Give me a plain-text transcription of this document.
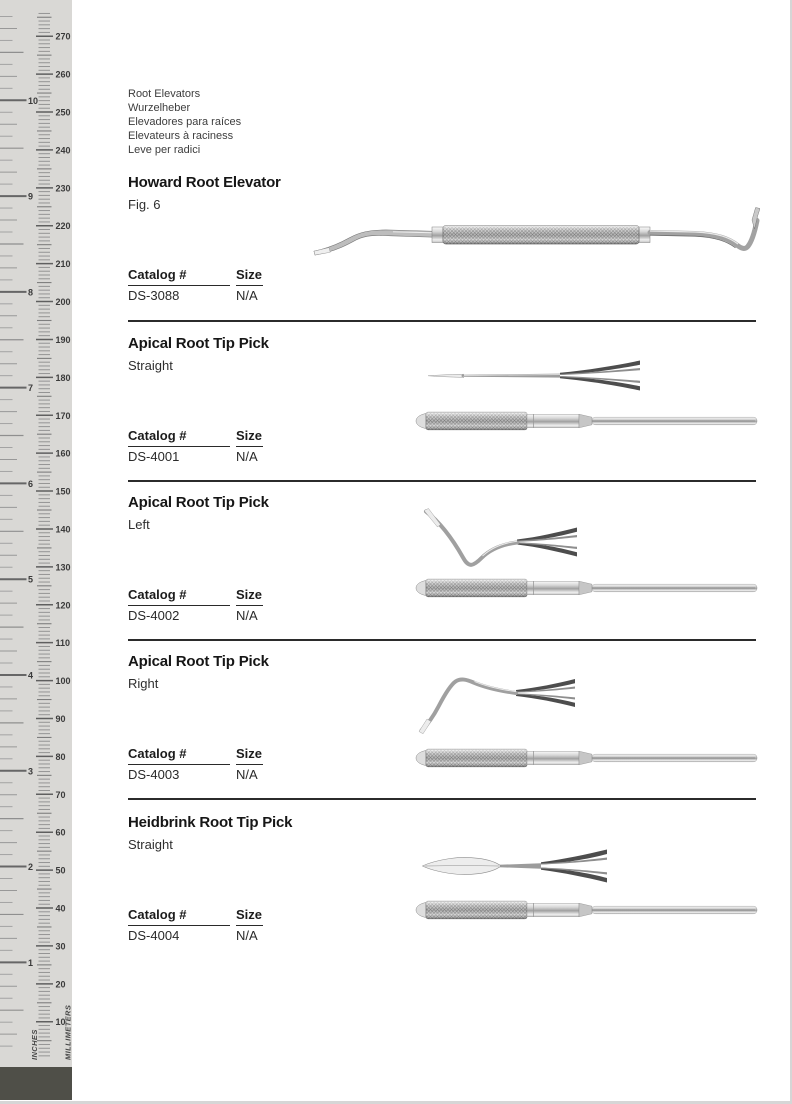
INCHES	MILLIMETERS
10
20
30
40
50
60
70
80
90
100
110
120
130
140
150
160
170
180
190
200
210
220
230
240
250
260
270
1
2
3
4
5
6
7
8
9
10
Root Elevators
Wurzelheber
Elevadores para raíces
Elevateurs à raciness
Leve per radici
Howard Root Elevator
Fig. 6
Catalog #
DS-3088
Size
N/A
Apical Root Tip Pick
Straight
Catalog #
DS-4001
Size
N/A
Apical Root Tip Pick
Left
Catalog #
DS-4002
Size
N/A
Apical Root Tip Pick
Right
Catalog #
DS-4003
Size
N/A
Heidbrink Root Tip Pick
Straight
Catalog #
DS-4004
Size
N/A
